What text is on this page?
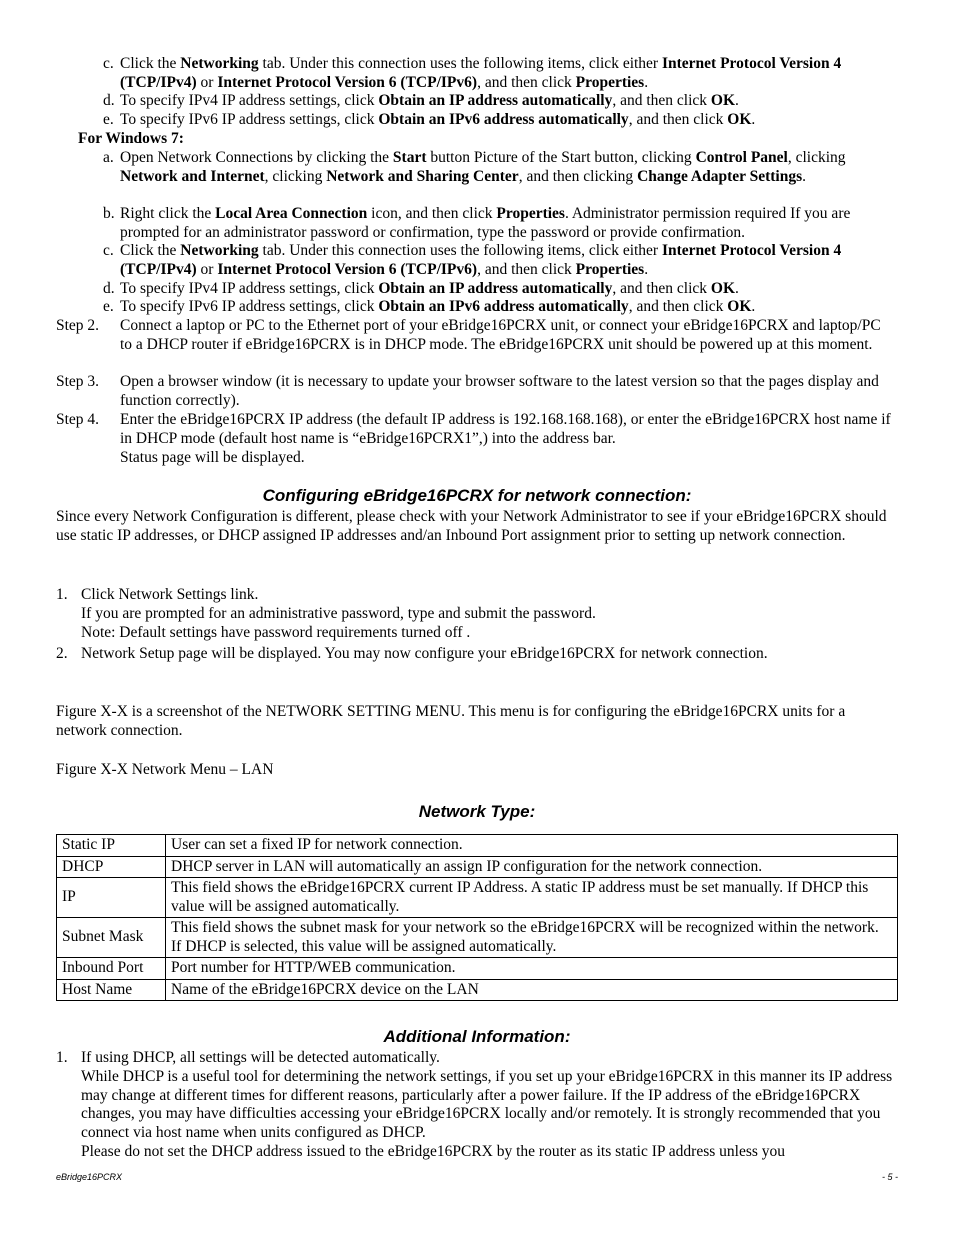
c. Click the Networking tab. Under this connection uses the following items, click either Internet Protocol Version 4 (TCP/IPv4) or Internet Protocol Version 6 (TCP/IPv6), and then click Properties.
d. To specify IPv4 IP address settings, click Obtain an IP address automatically, and then click OK.
e. To specify IPv6 IP address settings, click Obtain an IPv6 address automatically, and then click OK.
For Windows 7:
a. Open Network Connections by clicking the Start button Picture of the Start button, clicking Control Panel, clicking Network and Internet, clicking Network and Sharing Center, and then clicking Change Adapter Settings.
b. Right click the Local Area Connection icon, and then click Properties. Administrator permission required If you are prompted for an administrator password or confirmation, type the password or provide confirmation.
c. Click the Networking tab. Under this connection uses the following items, click either Internet Protocol Version 4 (TCP/IPv4) or Internet Protocol Version 6 (TCP/IPv6), and then click Properties.
d. To specify IPv4 IP address settings, click Obtain an IP address automatically, and then click OK.
e. To specify IPv6 IP address settings, click Obtain an IPv6 address automatically, and then click OK.
Step 2. Connect a laptop or PC to the Ethernet port of your eBridge16PCRX unit, or connect your eBridge16PCRX and laptop/PC to a DHCP router if eBridge16PCRX is in DHCP mode. The eBridge16PCRX unit should be powered up at this moment.
Step 3. Open a browser window (it is necessary to update your browser software to the latest version so that the pages display and function correctly).
Step 4. Enter the eBridge16PCRX IP address (the default IP address is 192.168.168.168), or enter the eBridge16PCRX host name if in DHCP mode (default host name is “eBridge16PCRX1”,) into the address bar.
Status page will be displayed.
Configuring eBridge16PCRX for network connection:
Since every Network Configuration is different, please check with your Network Administrator to see if your eBridge16PCRX should use static IP addresses, or DHCP assigned IP addresses and/an Inbound Port assignment prior to setting up network connection.
1. Click Network Settings link.
If you are prompted for an administrative password, type and submit the password.
Note: Default settings have password requirements turned off .
2. Network Setup page will be displayed. You may now configure your eBridge16PCRX for network connection.
Figure X-X is a screenshot of the NETWORK SETTING MENU. This menu is for configuring the eBridge16PCRX units for a network connection.
Figure X-X Network Menu – LAN
Network Type:
Static IP	User can set a fixed IP for network connection.
DHCP	DHCP server in LAN will automatically an assign IP configuration for the network connection.
IP	This field shows the eBridge16PCRX current IP Address. A static IP address must be set manually. If DHCP this value will be assigned automatically.
Subnet Mask	This field shows the subnet mask for your network so the eBridge16PCRX will be recognized within the network. If DHCP is selected, this value will be assigned automatically.
Inbound Port	Port number for HTTP/WEB communication.
Host Name	Name of the eBridge16PCRX device on the LAN
Additional Information:
1. If using DHCP, all settings will be detected automatically.
While DHCP is a useful tool for determining the network settings, if you set up your eBridge16PCRX in this manner its IP address may change at different times for different reasons, particularly after a power failure. If the IP address of the eBridge16PCRX changes, you may have difficulties accessing your eBridge16PCRX locally and/or remotely. It is strongly recommended that you connect via host name when units configured as DHCP.
Please do not set the DHCP address issued to the eBridge16PCRX by the router as its static IP address unless you
eBridge16PCRX	- 5 -
